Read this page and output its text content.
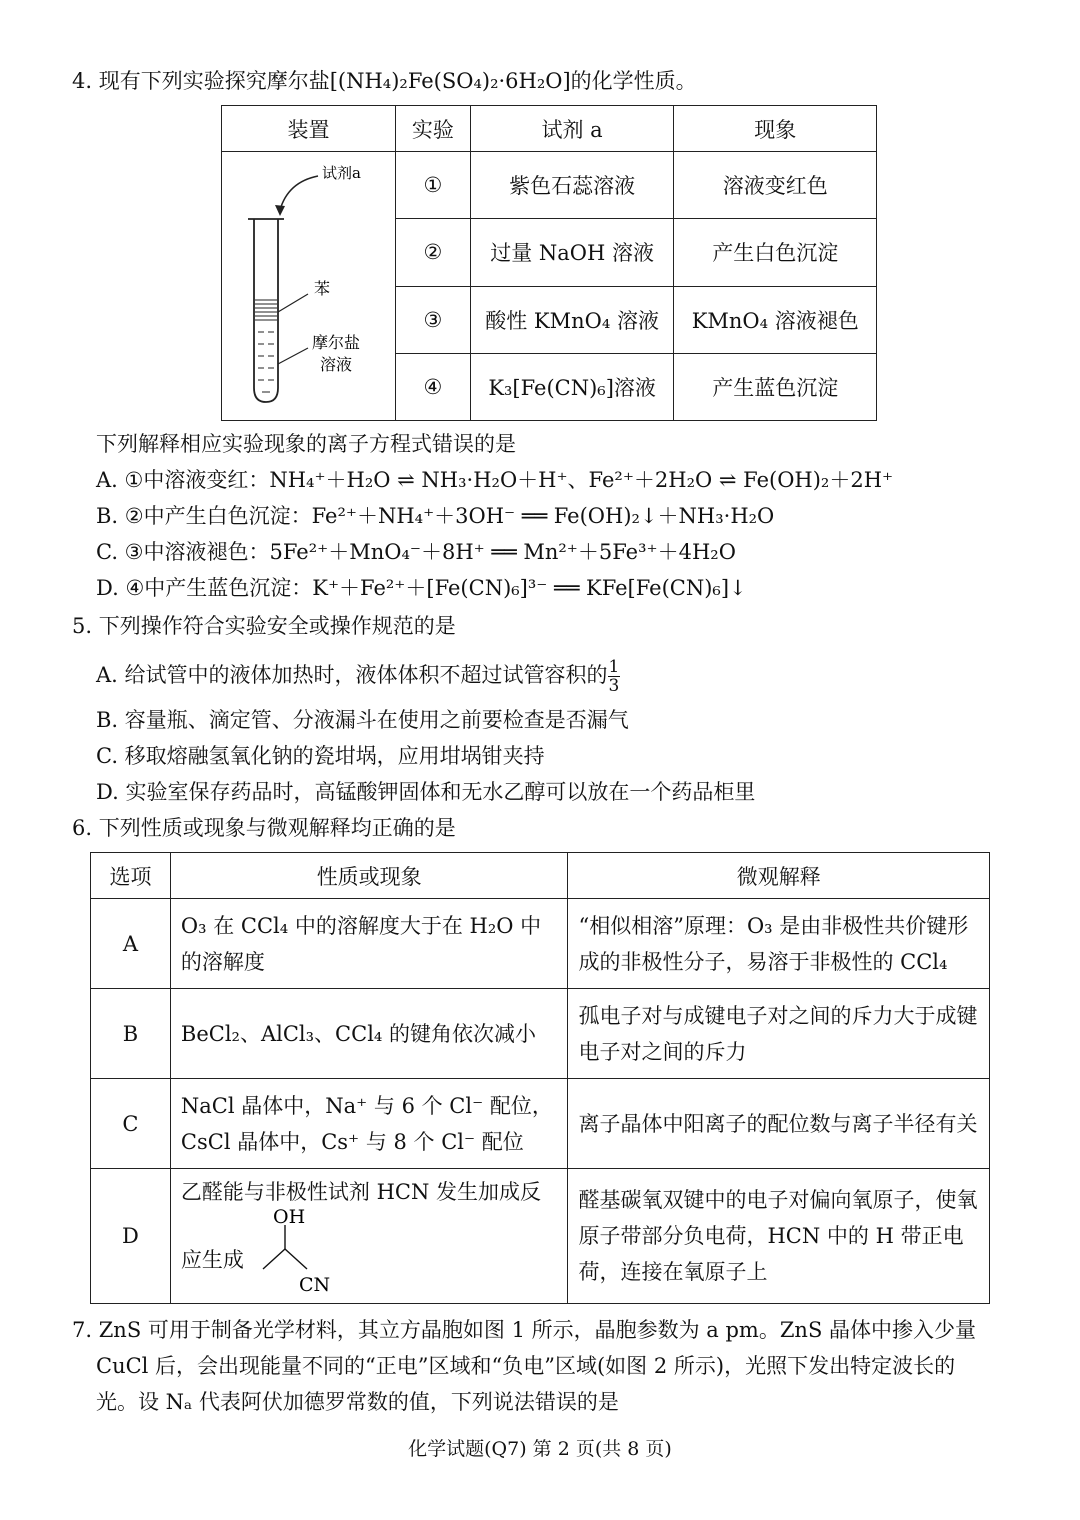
4. 现有下列实验探究摩尔盐[(NH₄)₂Fe(SO₄)₂·6H₂O]的化学性质。
装置	实验	试剂 a	现象

试剂a
苯
摩尔盐
溶液	①	紫色石蕊溶液	溶液变红色
	②	过量 NaOH 溶液	产生白色沉淀
	③	酸性 KMnO₄ 溶液	KMnO₄ 溶液褪色
	④	K₃[Fe(CN)₆]溶液	产生蓝色沉淀
下列解释相应实验现象的离子方程式错误的是
A. ①中溶液变红：NH₄⁺＋H₂O ⇌ NH₃·H₂O＋H⁺、Fe²⁺＋2H₂O ⇌ Fe(OH)₂＋2H⁺
B. ②中产生白色沉淀：Fe²⁺＋NH₄⁺＋3OH⁻ ══ Fe(OH)₂↓＋NH₃·H₂O
C. ③中溶液褪色：5Fe²⁺＋MnO₄⁻＋8H⁺ ══ Mn²⁺＋5Fe³⁺＋4H₂O
D. ④中产生蓝色沉淀：K⁺＋Fe²⁺＋[Fe(CN)₆]³⁻ ══ KFe[Fe(CN)₆]↓
5. 下列操作符合实验安全或操作规范的是
A. 给试管中的液体加热时，液体体积不超过试管容积的 $\frac{1}{3}$
B. 容量瓶、滴定管、分液漏斗在使用之前要检查是否漏气
C. 移取熔融氢氧化钠的瓷坩埚，应用坩埚钳夹持
D. 实验室保存药品时，高锰酸钾固体和无水乙醇可以放在一个药品柜里
6. 下列性质或现象与微观解释均正确的是
选项	性质或现象	微观解释
A	O₃ 在 CCl₄ 中的溶解度大于在 H₂O 中的溶解度	“相似相溶”原理：O₃ 是由非极性共价键形成的非极性分子，易溶于非极性的 CCl₄
B	BeCl₂、AlCl₃、CCl₄ 的键角依次减小	孤电子对与成键电子对之间的斥力大于成键电子对之间的斥力
C	NaCl 晶体中，Na⁺ 与 6 个 Cl⁻ 配位，CsCl 晶体中，Cs⁺ 与 8 个 Cl⁻ 配位	离子晶体中阳离子的配位数与离子半径有关
D	乙醛能与非极性试剂 HCN 发生加成反
应生成
OH
CN	醛基碳氧双键中的电子对偏向氧原子，使氧原子带部分负电荷，HCN 中的 H 带正电荷，连接在氧原子上
7. ZnS 可用于制备光学材料，其立方晶胞如图 1 所示，晶胞参数为 a pm。ZnS 晶体中掺入少量
CuCl 后，会出现能量不同的“正电”区域和“负电”区域(如图 2 所示)，光照下发出特定波长的
光。设 Nₐ 代表阿伏加德罗常数的值，下列说法错误的是
化学试题(Q7) 第 2 页(共 8 页)
